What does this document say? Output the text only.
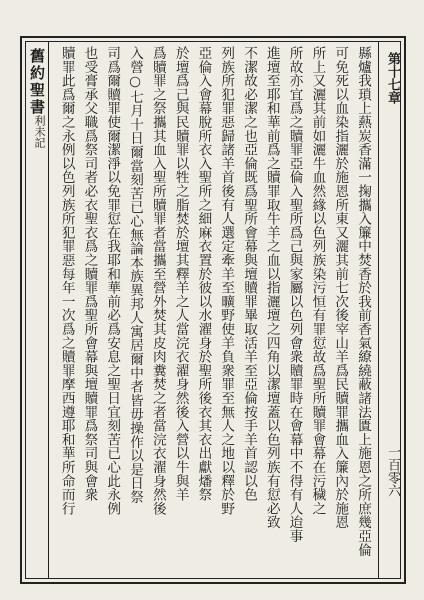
舊約聖書
利未記
第十七章
一百零六
縣爐我瑣上爇炭香滿一掬攜入簾中焚香於我前香氣繚繞蔽諸法匱上施恩之所庶幾亞倫
可免死以血染指灑於施恩所東又灑其前七次後宰山羊爲民贖罪攜血入簾內於施恩
所上又灑其前如灑牛血然緣以色列族染污恒有罪愆故爲聖所贖罪會幕在污穢之
所故亦宜爲之贖罪亞倫入聖所爲己與家屬以色列會衆贖罪時在會幕中不得有人迨事
進壇至耶和華前爲之贖罪取牛羊之血以指灑壇之四角以潔壇蓋以色列族有愆必致
不潔故必潔之也亞倫既爲聖所會幕與壇贖罪畢取活羊至亞倫按手羊首認以色
列族所犯罪惡歸諸羊首後有人選定牽羊至曠野使羊負衆罪至無人之地以釋於野
亞倫入會幕脫所衣入聖所之細麻衣置於彼以水濯身於聖所後衣其衣出獻燔祭
於壇爲己與民贖罪以牲之脂焚於壇其釋羊之人當浣衣濯身然後入營以牛與羊
爲贖罪之祭攜其血入聖所贖罪者當攜至營外焚其皮肉糞焚之者當浣衣濯身然後
入營○七月十日爾當刻苦已心無論本族異邦人寓居爾中者皆毋操作以是日祭
司爲爾贖罪使爾潔淨以免罪愆在我耶和華前必爲安息之聖日宜刻苦已心此永例
也受膏承父職爲祭司者必衣聖衣爲之贖罪爲聖所會幕與壇贖罪爲祭司與會衆
贖罪此爲爾之永例以色列族所犯罪惡每年一次爲之贖罪摩西遵耶和華所命而行
